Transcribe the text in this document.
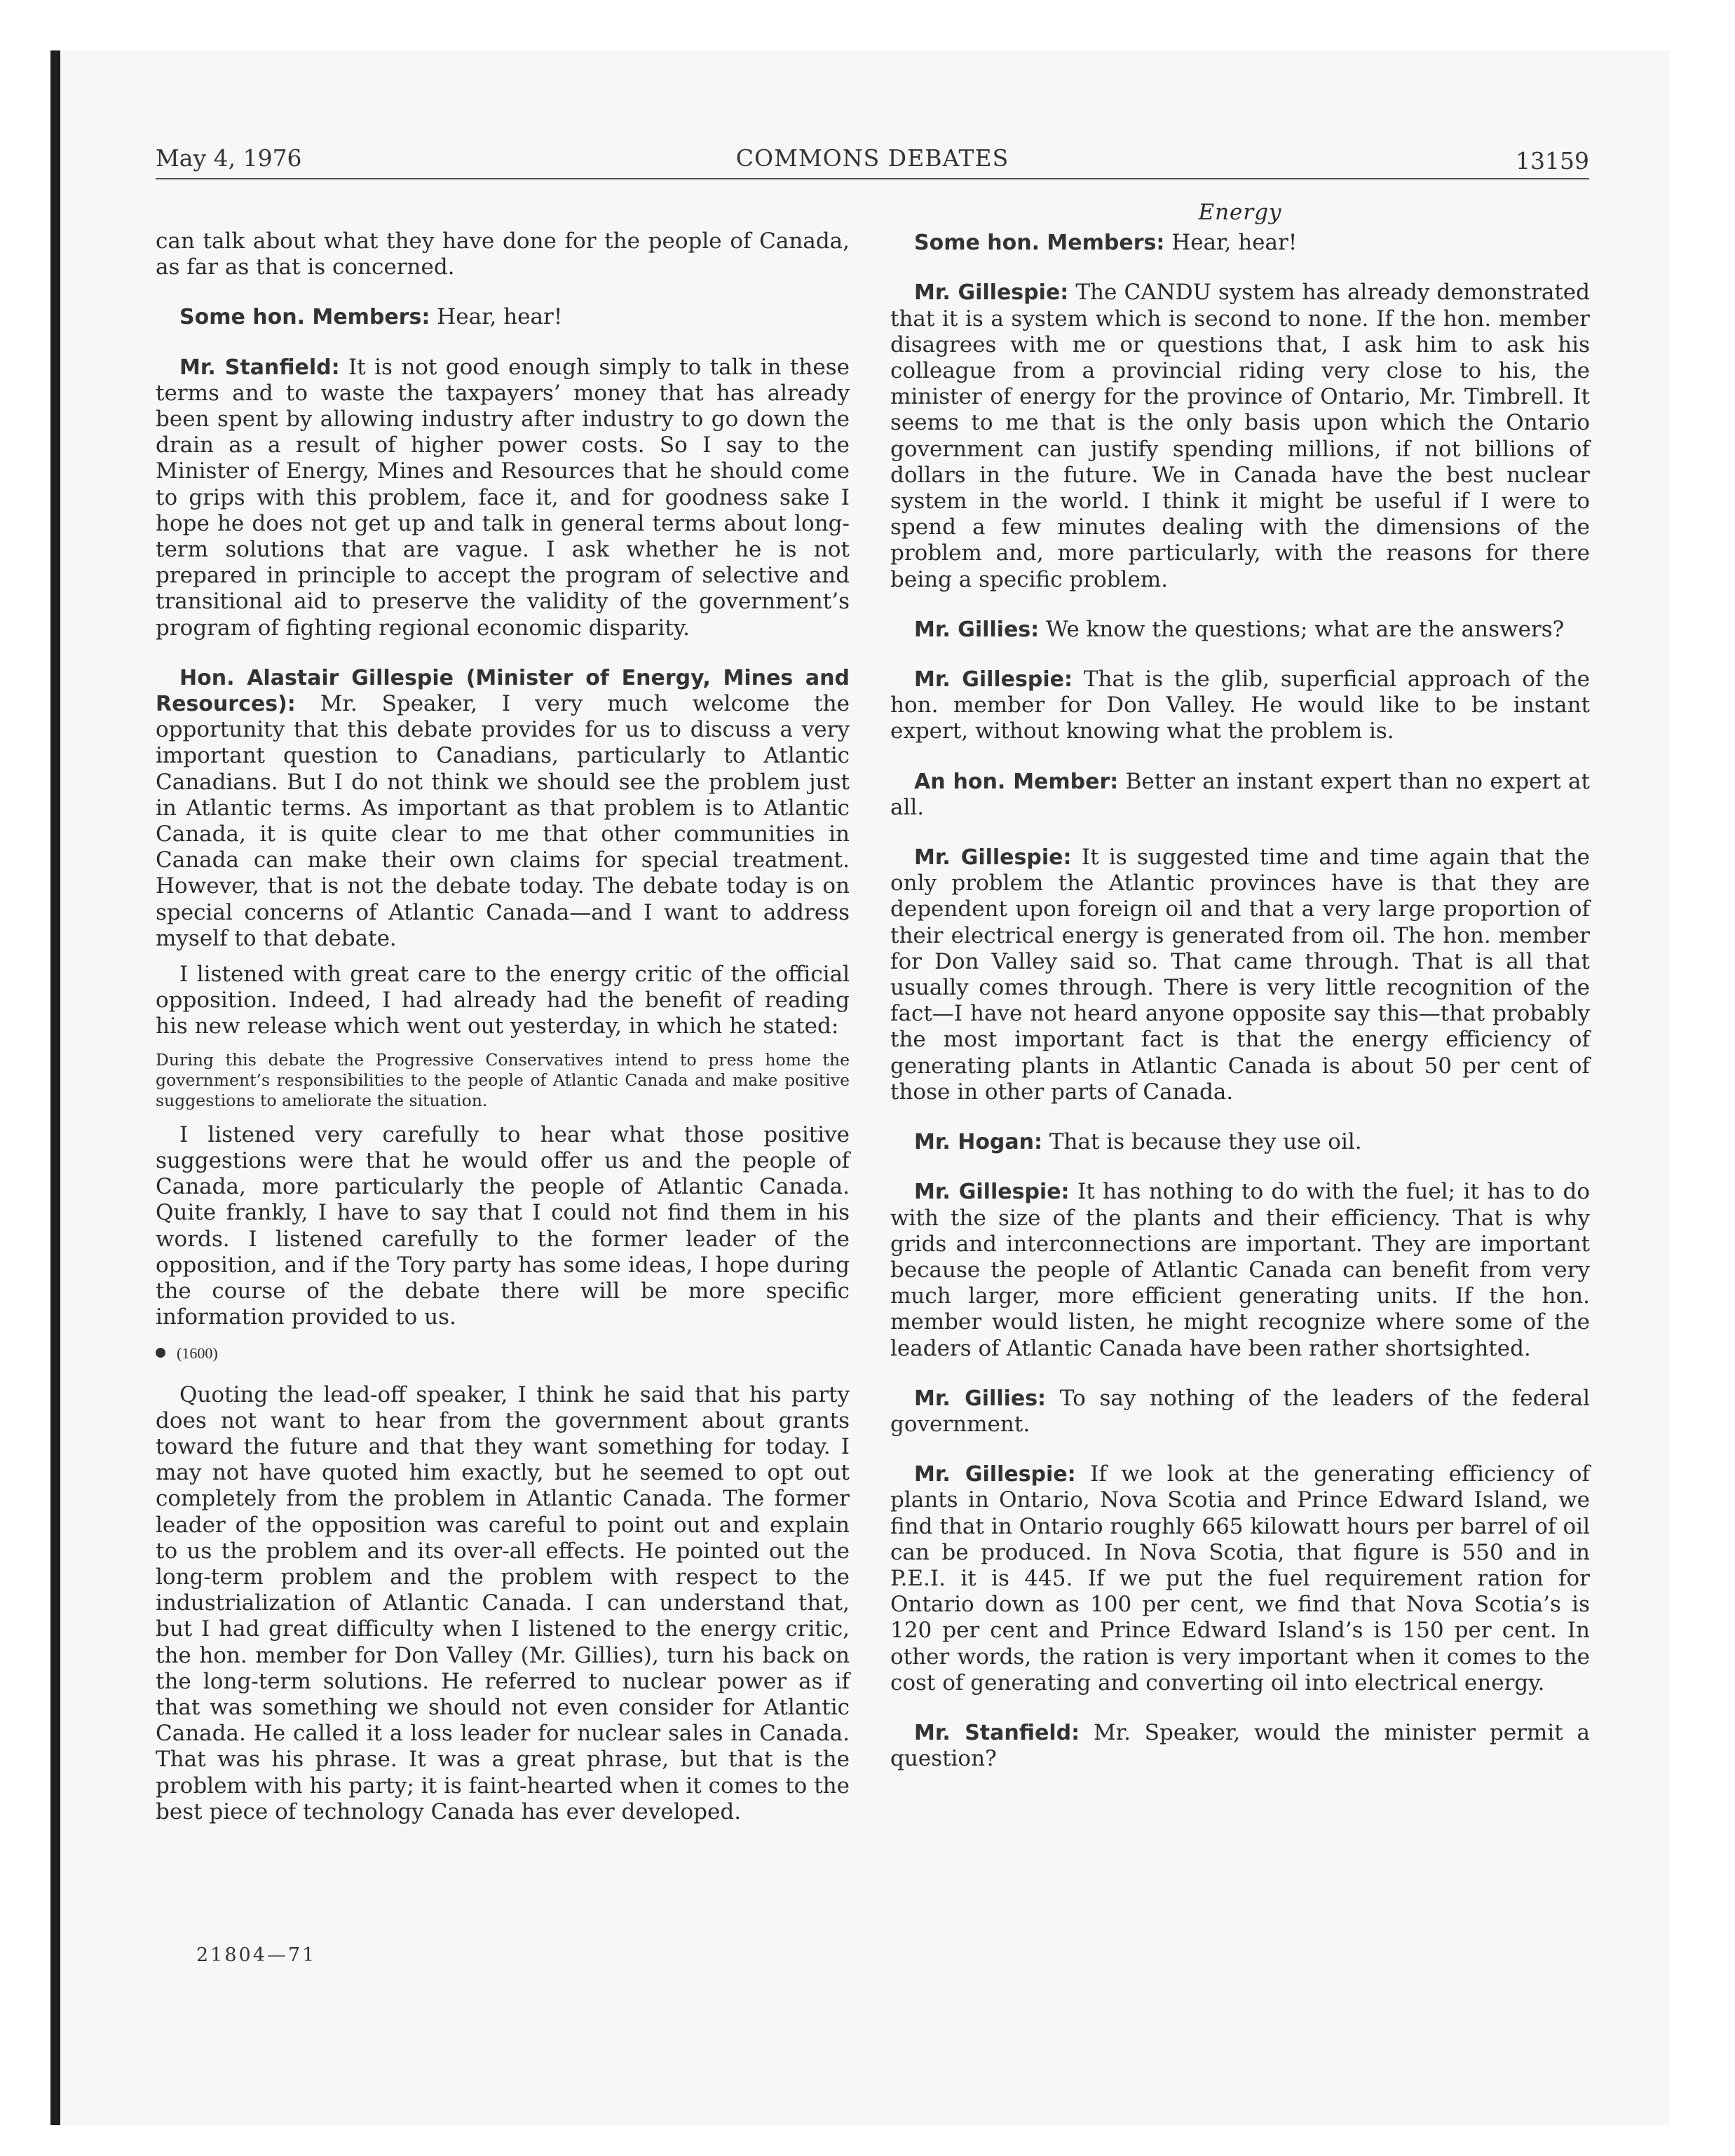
May 4, 1976	COMMONS DEBATES	13159

can talk about what they have done for the people of Canada, as far as that is concerned.

Some hon. Members: Hear, hear!

Mr. Stanfield: It is not good enough simply to talk in these terms and to waste the taxpayers’ money that has already been spent by allowing industry after industry to go down the drain as a result of higher power costs. So I say to the Minister of Energy, Mines and Resources that he should come to grips with this problem, face it, and for goodness sake I hope he does not get up and talk in general terms about long-term solutions that are vague. I ask whether he is not prepared in principle to accept the program of selective and transitional aid to preserve the validity of the government’s program of fighting regional economic disparity.

Hon. Alastair Gillespie (Minister of Energy, Mines and Resources): Mr. Speaker, I very much welcome the opportunity that this debate provides for us to discuss a very important question to Canadians, particularly to Atlantic Canadians. But I do not think we should see the problem just in Atlantic terms. As important as that problem is to Atlantic Canada, it is quite clear to me that other communities in Canada can make their own claims for special treatment. However, that is not the debate today. The debate today is on special concerns of Atlantic Canada—and I want to address myself to that debate.

I listened with great care to the energy critic of the official opposition. Indeed, I had already had the benefit of reading his new release which went out yesterday, in which he stated:

During this debate the Progressive Conservatives intend to press home the government’s responsibilities to the people of Atlantic Canada and make positive suggestions to ameliorate the situation.

I listened very carefully to hear what those positive suggestions were that he would offer us and the people of Canada, more particularly the people of Atlantic Canada. Quite frankly, I have to say that I could not find them in his words. I listened carefully to the former leader of the opposition, and if the Tory party has some ideas, I hope during the course of the debate there will be more specific information provided to us.

(1600)

Quoting the lead-off speaker, I think he said that his party does not want to hear from the government about grants toward the future and that they want something for today. I may not have quoted him exactly, but he seemed to opt out completely from the problem in Atlantic Canada. The former leader of the opposition was careful to point out and explain to us the problem and its over-all effects. He pointed out the long-term problem and the problem with respect to the industrialization of Atlantic Canada. I can understand that, but I had great difficulty when I listened to the energy critic, the hon. member for Don Valley (Mr. Gillies), turn his back on the long-term solutions. He referred to nuclear power as if that was something we should not even consider for Atlantic Canada. He called it a loss leader for nuclear sales in Canada. That was his phrase. It was a great phrase, but that is the problem with his party; it is faint-hearted when it comes to the best piece of technology Canada has ever developed.

Energy

Some hon. Members: Hear, hear!

Mr. Gillespie: The CANDU system has already demonstrated that it is a system which is second to none. If the hon. member disagrees with me or questions that, I ask him to ask his colleague from a provincial riding very close to his, the minister of energy for the province of Ontario, Mr. Timbrell. It seems to me that is the only basis upon which the Ontario government can justify spending millions, if not billions of dollars in the future. We in Canada have the best nuclear system in the world. I think it might be useful if I were to spend a few minutes dealing with the dimensions of the problem and, more particularly, with the reasons for there being a specific problem.

Mr. Gillies: We know the questions; what are the answers?

Mr. Gillespie: That is the glib, superficial approach of the hon. member for Don Valley. He would like to be instant expert, without knowing what the problem is.

An hon. Member: Better an instant expert than no expert at all.

Mr. Gillespie: It is suggested time and time again that the only problem the Atlantic provinces have is that they are dependent upon foreign oil and that a very large proportion of their electrical energy is generated from oil. The hon. member for Don Valley said so. That came through. That is all that usually comes through. There is very little recognition of the fact—I have not heard anyone opposite say this—that probably the most important fact is that the energy efficiency of generating plants in Atlantic Canada is about 50 per cent of those in other parts of Canada.

Mr. Hogan: That is because they use oil.

Mr. Gillespie: It has nothing to do with the fuel; it has to do with the size of the plants and their efficiency. That is why grids and interconnections are important. They are important because the people of Atlantic Canada can benefit from very much larger, more efficient generating units. If the hon. member would listen, he might recognize where some of the leaders of Atlantic Canada have been rather shortsighted.

Mr. Gillies: To say nothing of the leaders of the federal government.

Mr. Gillespie: If we look at the generating efficiency of plants in Ontario, Nova Scotia and Prince Edward Island, we find that in Ontario roughly 665 kilowatt hours per barrel of oil can be produced. In Nova Scotia, that figure is 550 and in P.E.I. it is 445. If we put the fuel requirement ration for Ontario down as 100 per cent, we find that Nova Scotia’s is 120 per cent and Prince Edward Island’s is 150 per cent. In other words, the ration is very important when it comes to the cost of generating and converting oil into electrical energy.

Mr. Stanfield: Mr. Speaker, would the minister permit a question?

21804—71
